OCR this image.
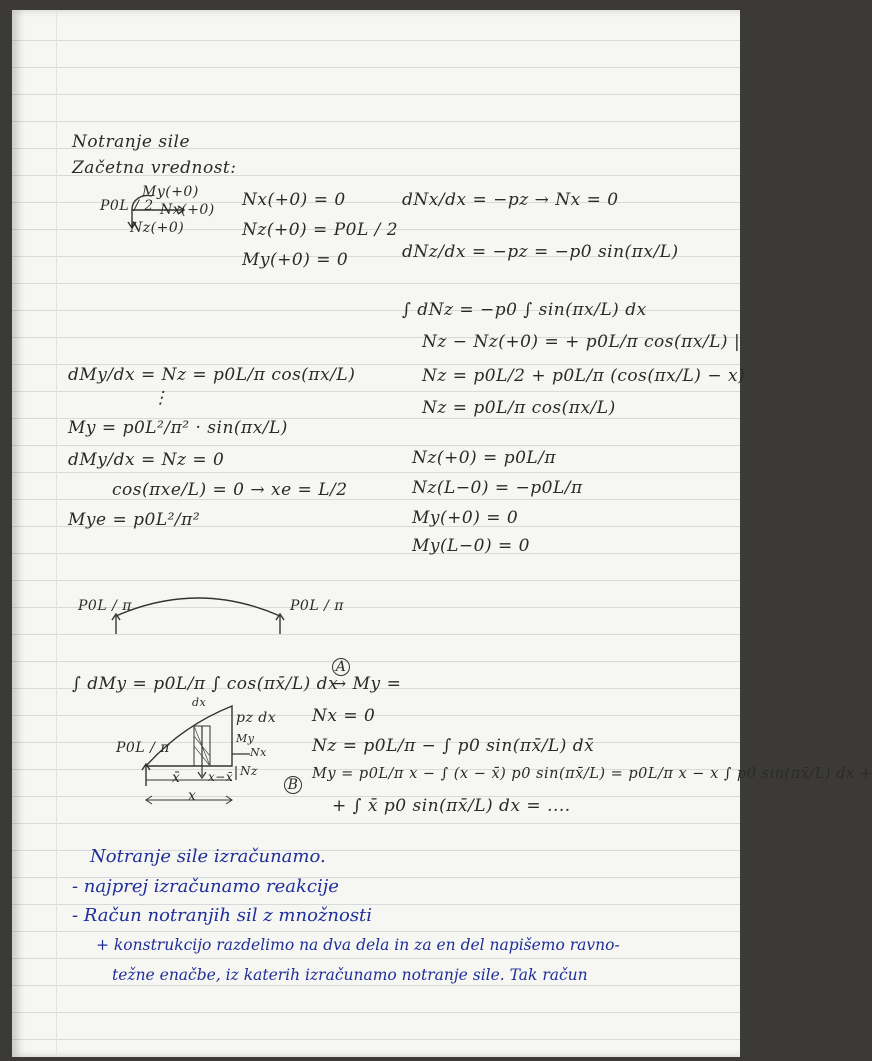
Notranje sile
Začetna vrednost:
P0L / 2
My(+0)
Nx(+0)
Nz(+0)
Nx(+0) = 0
Nz(+0) = P0L / 2
My(+0) = 0
dNx/dx = −pz → Nx = 0
dNz/dx = −pz = −p0 sin(πx/L)
∫ dNz = −p0 ∫ sin(πx/L) dx
Nz − Nz(+0) = + p0L/π cos(πx/L) |
Nz = p0L/2 + p0L/π (cos(πx/L) − x)
Nz = p0L/π cos(πx/L)
dMy/dx = Nz = p0L/π cos(πx/L)
⋮
My = p0L²/π² · sin(πx/L)
dMy/dx = Nz = 0
cos(πxe/L) = 0 → xe = L/2
Mye = p0L²/π²
Nz(+0) = p0L/π
Nz(L−0) = −p0L/π
My(+0) = 0
My(L−0) = 0
P0L / π	P0L / π
∫ dMy = p0L/π ∫ cos(πx̄/L) dx
→ My =
A
Nx = 0
Nz = p0L/π − ∫ p0 sin(πx̄/L) dx̄
B
My = p0L/π x − ∫ (x − x̄) p0 sin(πx̄/L) = p0L/π x − x ∫ p0 sin(πx̄/L) dx +
+ ∫ x̄ p0 sin(πx̄/L) dx = ....
P0L / π
pz dx
My
Nx
Nz
dx
x̄ x−x̄
x
Notranje sile izračunamo.
- najprej izračunamo reakcije
- Račun notranjih sil z množnosti
+ konstrukcijo razdelimo na dva dela in za en del napišemo ravno-
težne enačbe, iz katerih izračunamo notranje sile. Tak račun
